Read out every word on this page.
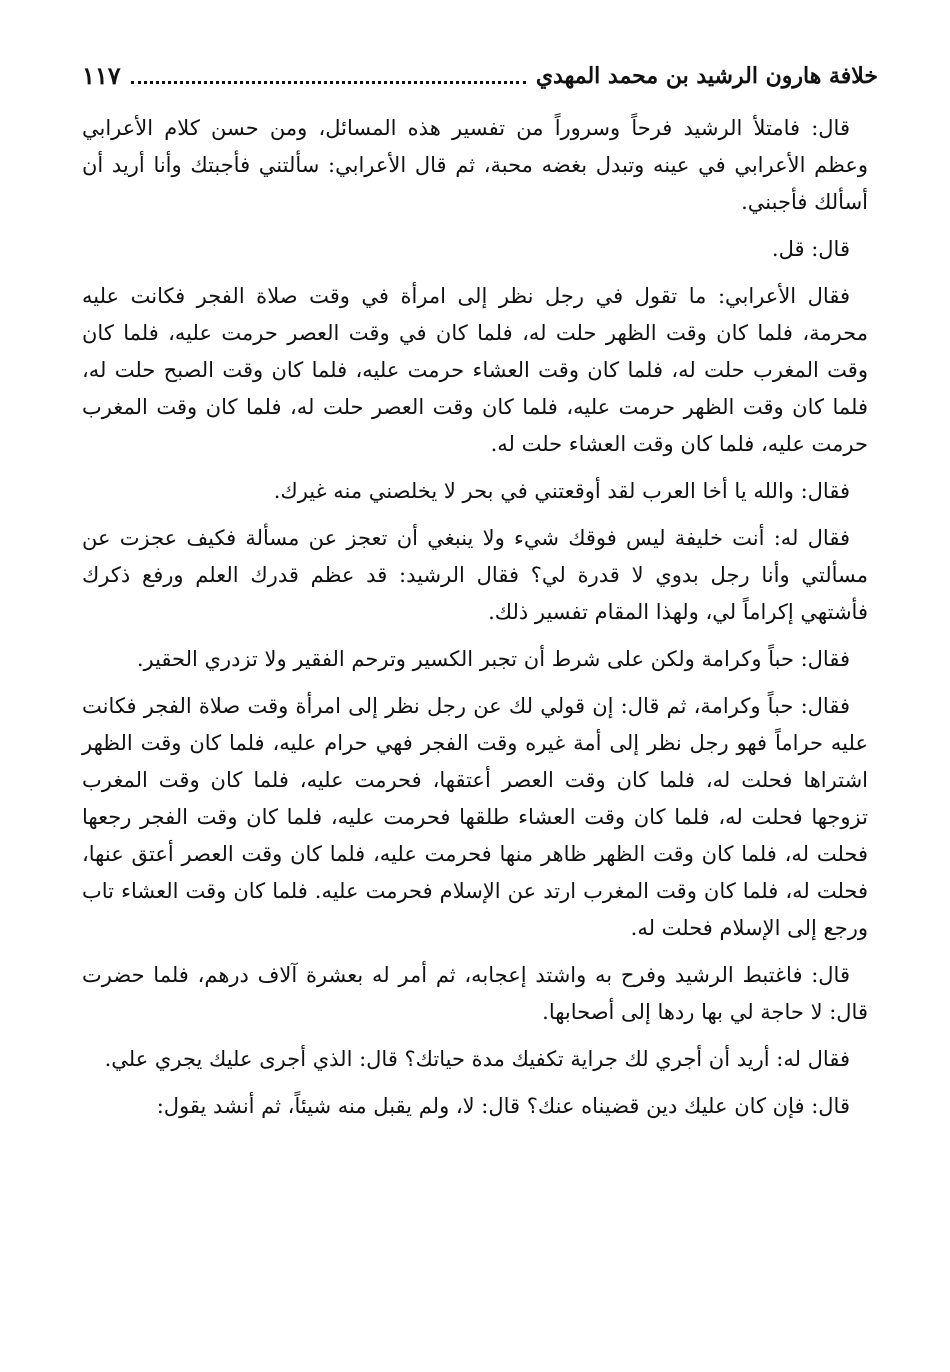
خلافة هارون الرشيد بن محمد المهدي
١١٧

قال: فامتلأ الرشيد فرحاً وسروراً من تفسير هذه المسائل، ومن حسن كلام الأعرابي وعظم الأعرابي في عينه وتبدل بغضه محبة، ثم قال الأعرابي: سألتني فأجبتك وأنا أريد أن أسألك فأجبني.

قال: قل.

فقال الأعرابي: ما تقول في رجل نظر إلى امرأة في وقت صلاة الفجر فكانت عليه محرمة، فلما كان وقت الظهر حلت له، فلما كان في وقت العصر حرمت عليه، فلما كان وقت المغرب حلت له، فلما كان وقت العشاء حرمت عليه، فلما كان وقت الصبح حلت له، فلما كان وقت الظهر حرمت عليه، فلما كان وقت العصر حلت له، فلما كان وقت المغرب حرمت عليه، فلما كان وقت العشاء حلت له.

فقال: والله يا أخا العرب لقد أوقعتني في بحر لا يخلصني منه غيرك.

فقال له: أنت خليفة ليس فوقك شيء ولا ينبغي أن تعجز عن مسألة فكيف عجزت عن مسألتي وأنا رجل بدوي لا قدرة لي؟ فقال الرشيد: قد عظم قدرك العلم ورفع ذكرك فأشتهي إكراماً لي، ولهذا المقام تفسير ذلك.

فقال: حباً وكرامة ولكن على شرط أن تجبر الكسير وترحم الفقير ولا تزدري الحقير.

فقال: حباً وكرامة، ثم قال: إن قولي لك عن رجل نظر إلى امرأة وقت صلاة الفجر فكانت عليه حراماً فهو رجل نظر إلى أمة غيره وقت الفجر فهي حرام عليه، فلما كان وقت الظهر اشتراها فحلت له، فلما كان وقت العصر أعتقها، فحرمت عليه، فلما كان وقت المغرب تزوجها فحلت له، فلما كان وقت العشاء طلقها فحرمت عليه، فلما كان وقت الفجر رجعها فحلت له، فلما كان وقت الظهر ظاهر منها فحرمت عليه، فلما كان وقت العصر أعتق عنها، فحلت له، فلما كان وقت المغرب ارتد عن الإسلام فحرمت عليه. فلما كان وقت العشاء تاب ورجع إلى الإسلام فحلت له.

قال: فاغتبط الرشيد وفرح به واشتد إعجابه، ثم أمر له بعشرة آلاف درهم، فلما حضرت قال: لا حاجة لي بها ردها إلى أصحابها.

فقال له: أريد أن أجري لك جراية تكفيك مدة حياتك؟ قال: الذي أجرى عليك يجري علي.

قال: فإن كان عليك دين قضيناه عنك؟ قال: لا، ولم يقبل منه شيئاً، ثم أنشد يقول:
